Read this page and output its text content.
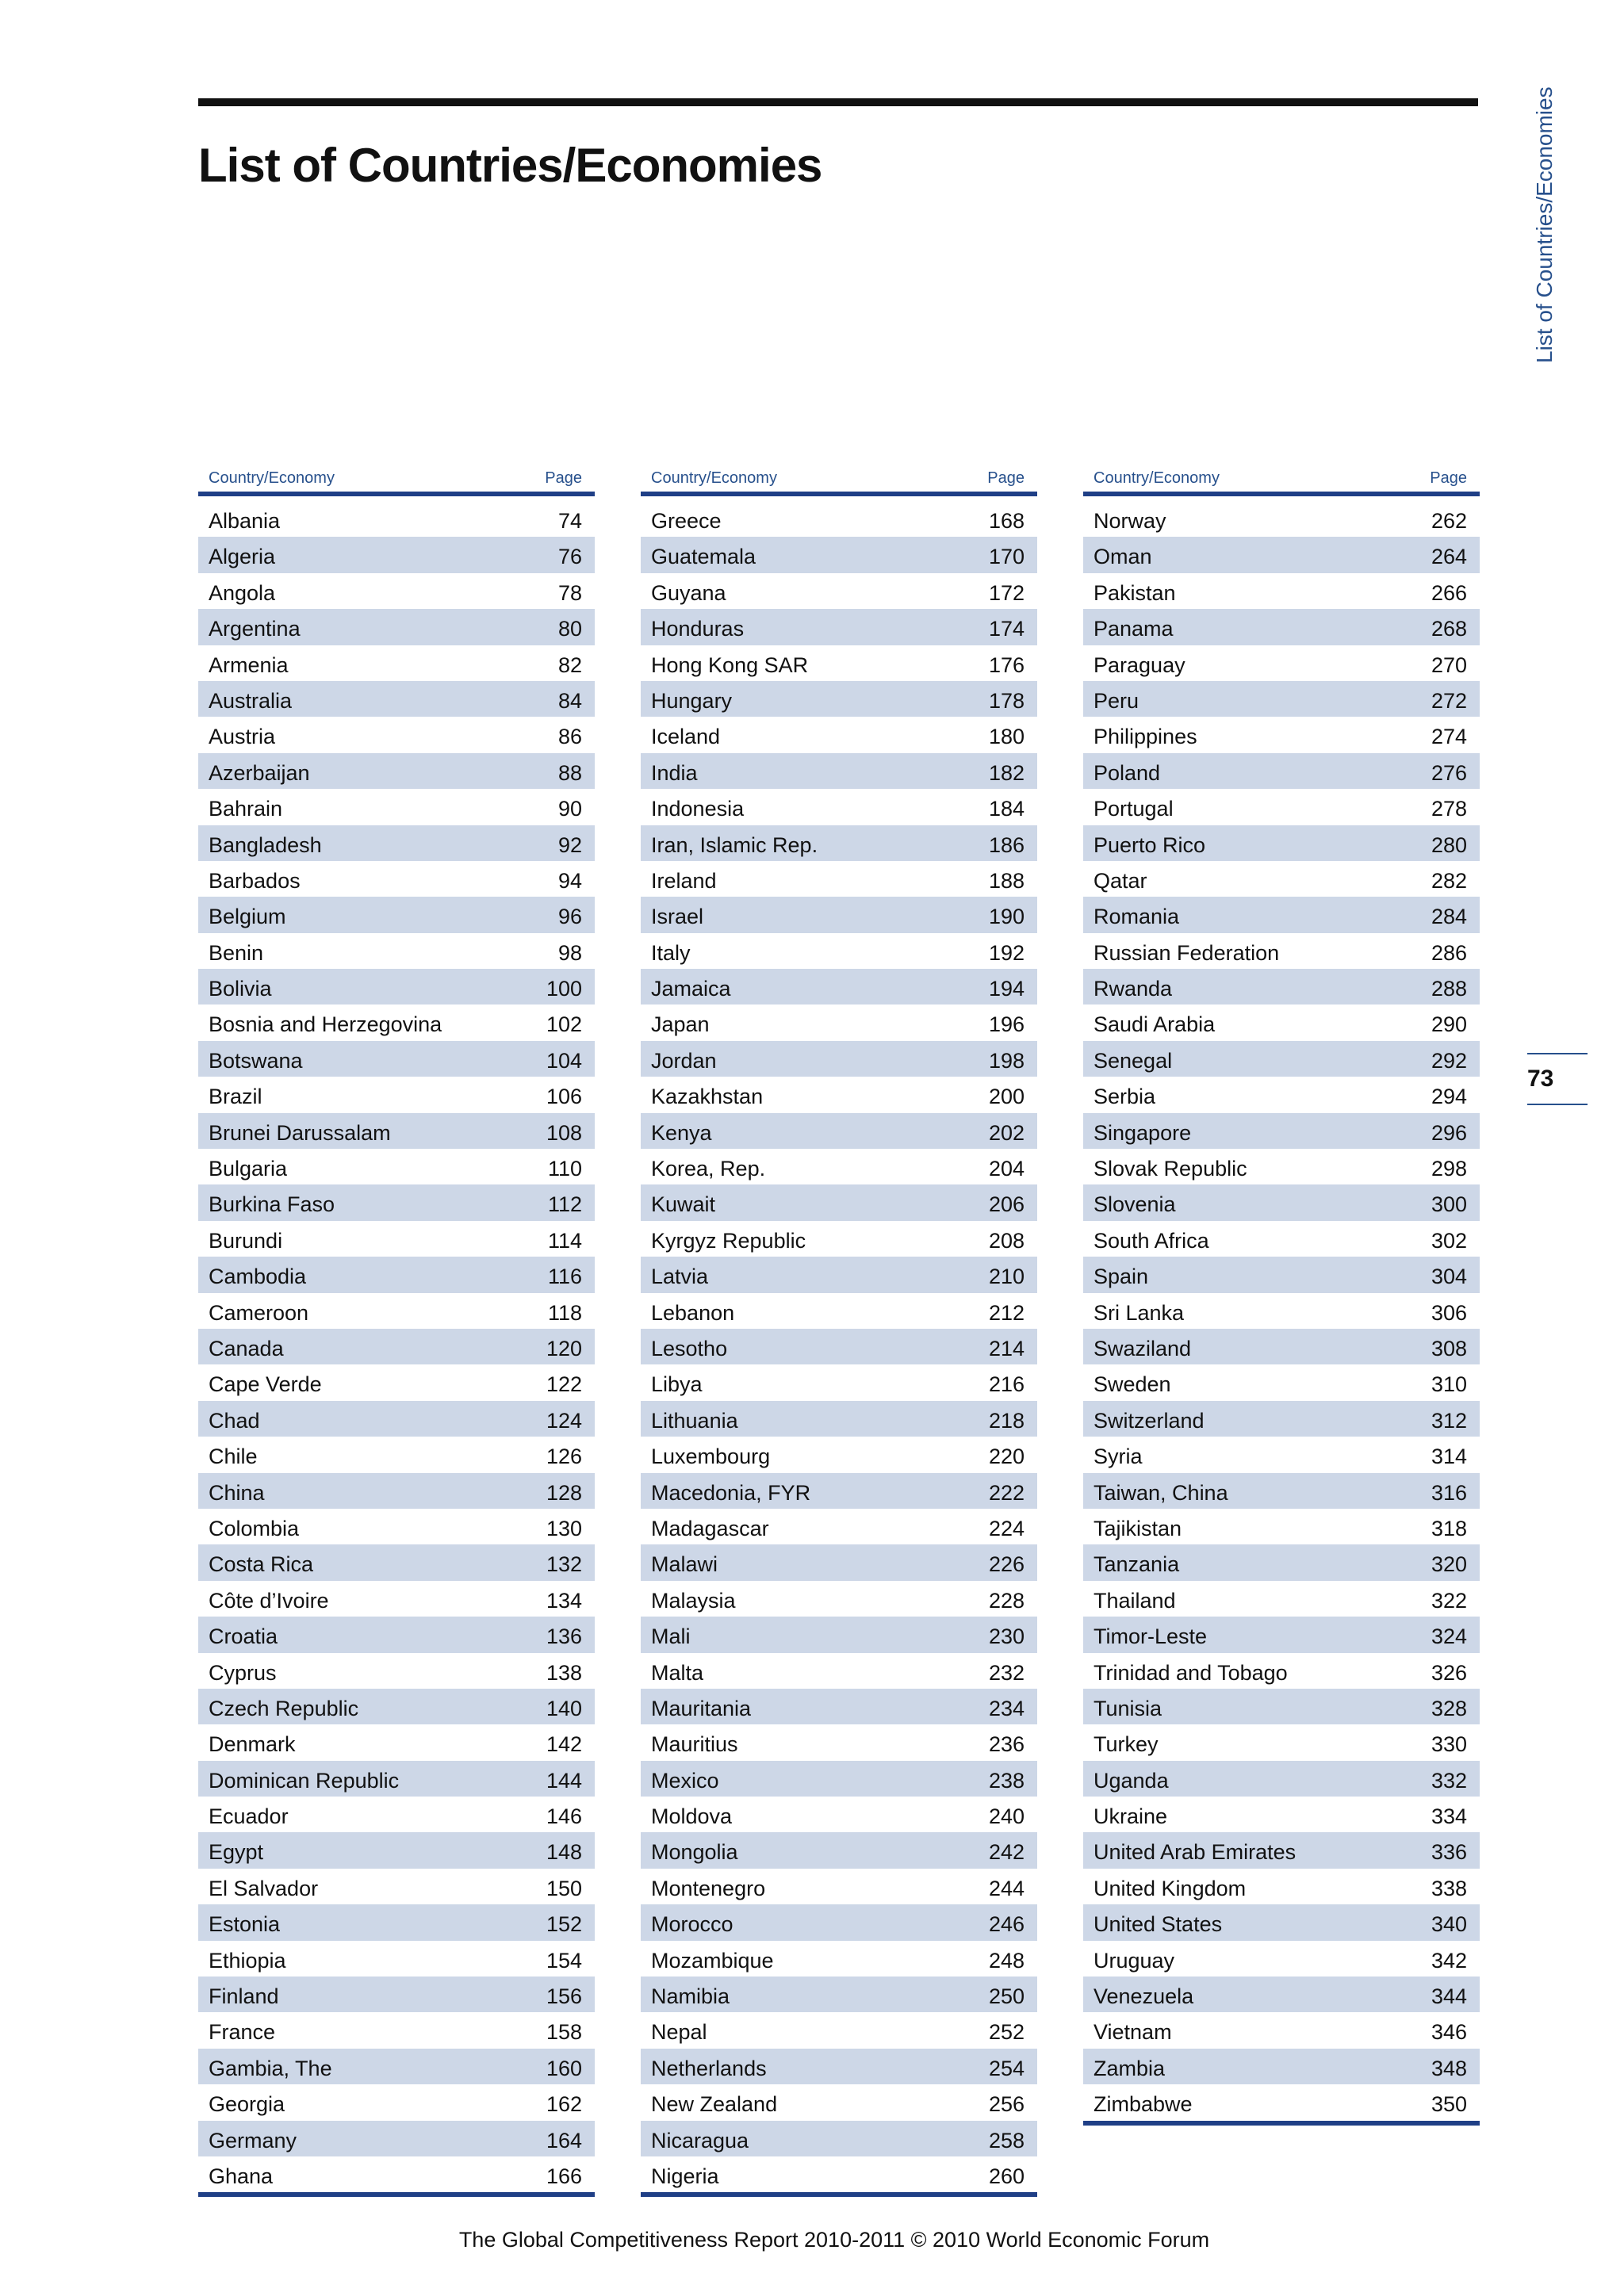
List of Countries/Economies	List of Countries/Economies
73
Country/Economy	Page
Albania	74
Algeria	76
Angola	78
Argentina	80
Armenia	82
Australia	84
Austria	86
Azerbaijan	88
Bahrain	90
Bangladesh	92
Barbados	94
Belgium	96
Benin	98
Bolivia	100
Bosnia and Herzegovina	102
Botswana	104
Brazil	106
Brunei Darussalam	108
Bulgaria	110
Burkina Faso	112
Burundi	114
Cambodia	116
Cameroon	118
Canada	120
Cape Verde	122
Chad	124
Chile	126
China	128
Colombia	130
Costa Rica	132
Côte d’Ivoire	134
Croatia	136
Cyprus	138
Czech Republic	140
Denmark	142
Dominican Republic	144
Ecuador	146
Egypt	148
El Salvador	150
Estonia	152
Ethiopia	154
Finland	156
France	158
Gambia, The	160
Georgia	162
Germany	164
Ghana	166
Country/Economy	Page
Greece	168
Guatemala	170
Guyana	172
Honduras	174
Hong Kong SAR	176
Hungary	178
Iceland	180
India	182
Indonesia	184
Iran, Islamic Rep.	186
Ireland	188
Israel	190
Italy	192
Jamaica	194
Japan	196
Jordan	198
Kazakhstan	200
Kenya	202
Korea, Rep.	204
Kuwait	206
Kyrgyz Republic	208
Latvia	210
Lebanon	212
Lesotho	214
Libya	216
Lithuania	218
Luxembourg	220
Macedonia, FYR	222
Madagascar	224
Malawi	226
Malaysia	228
Mali	230
Malta	232
Mauritania	234
Mauritius	236
Mexico	238
Moldova	240
Mongolia	242
Montenegro	244
Morocco	246
Mozambique	248
Namibia	250
Nepal	252
Netherlands	254
New Zealand	256
Nicaragua	258
Nigeria	260
Country/Economy	Page
Norway	262
Oman	264
Pakistan	266
Panama	268
Paraguay	270
Peru	272
Philippines	274
Poland	276
Portugal	278
Puerto Rico	280
Qatar	282
Romania	284
Russian Federation	286
Rwanda	288
Saudi Arabia	290
Senegal	292
Serbia	294
Singapore	296
Slovak Republic	298
Slovenia	300
South Africa	302
Spain	304
Sri Lanka	306
Swaziland	308
Sweden	310
Switzerland	312
Syria	314
Taiwan, China	316
Tajikistan	318
Tanzania	320
Thailand	322
Timor-Leste	324
Trinidad and Tobago	326
Tunisia	328
Turkey	330
Uganda	332
Ukraine	334
United Arab Emirates	336
United Kingdom	338
United States	340
Uruguay	342
Venezuela	344
Vietnam	346
Zambia	348
Zimbabwe	350
The Global Competitiveness Report 2010-2011 © 2010 World Economic Forum
